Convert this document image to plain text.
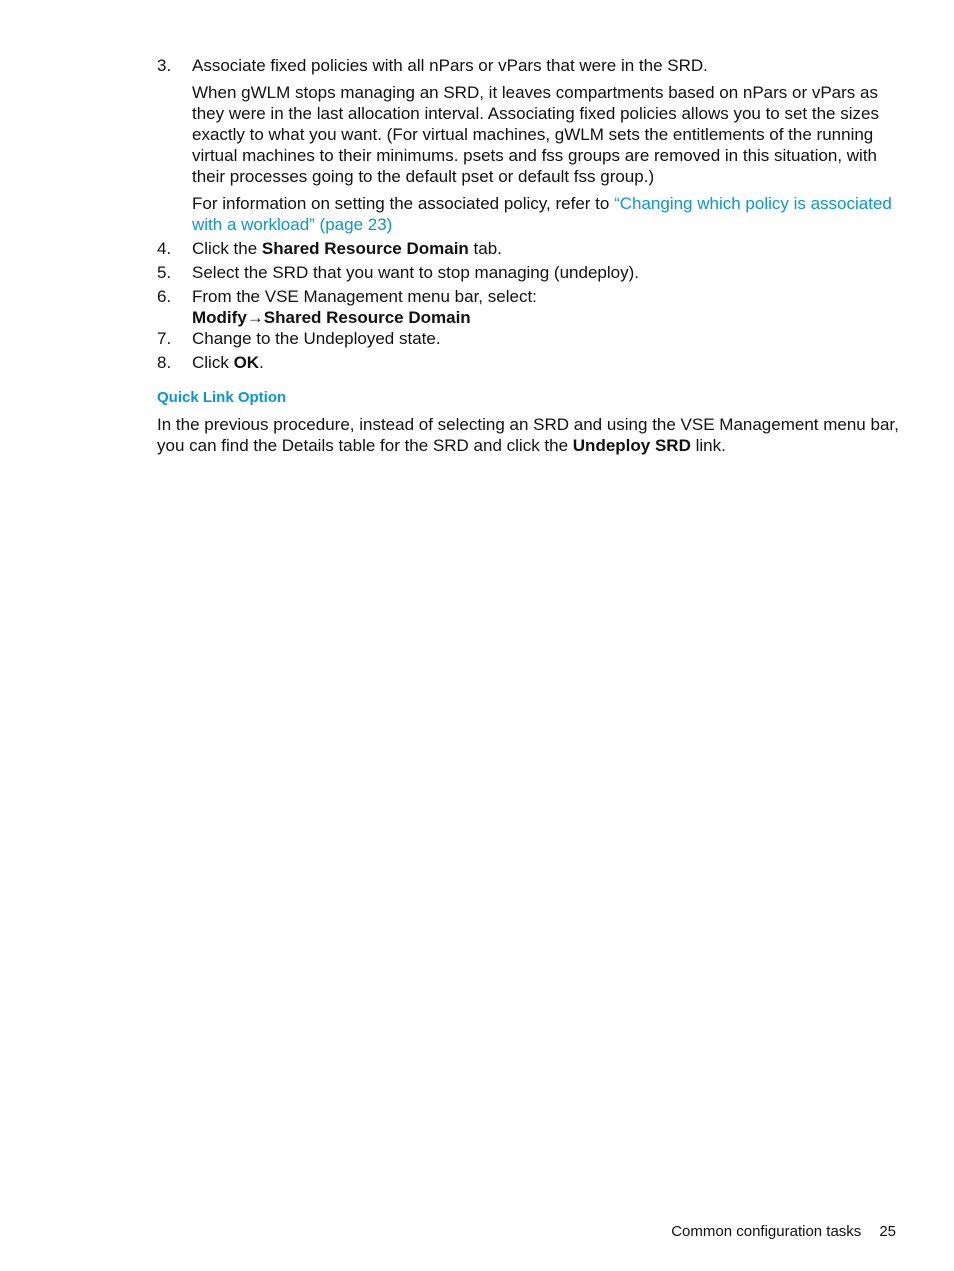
3. Associate fixed policies with all nPars or vPars that were in the SRD.

When gWLM stops managing an SRD, it leaves compartments based on nPars or vPars as they were in the last allocation interval. Associating fixed policies allows you to set the sizes exactly to what you want. (For virtual machines, gWLM sets the entitlements of the running virtual machines to their minimums. psets and fss groups are removed in this situation, with their processes going to the default pset or default fss group.)

For information on setting the associated policy, refer to “Changing which policy is associated with a workload” (page 23)

4. Click the Shared Resource Domain tab.

5. Select the SRD that you want to stop managing (undeploy).

6. From the VSE Management menu bar, select:

Modify→Shared Resource Domain

7. Change to the Undeployed state.

8. Click OK.

Quick Link Option

In the previous procedure, instead of selecting an SRD and using the VSE Management menu bar, you can find the Details table for the SRD and click the Undeploy SRD link.

Common configuration tasks 25
